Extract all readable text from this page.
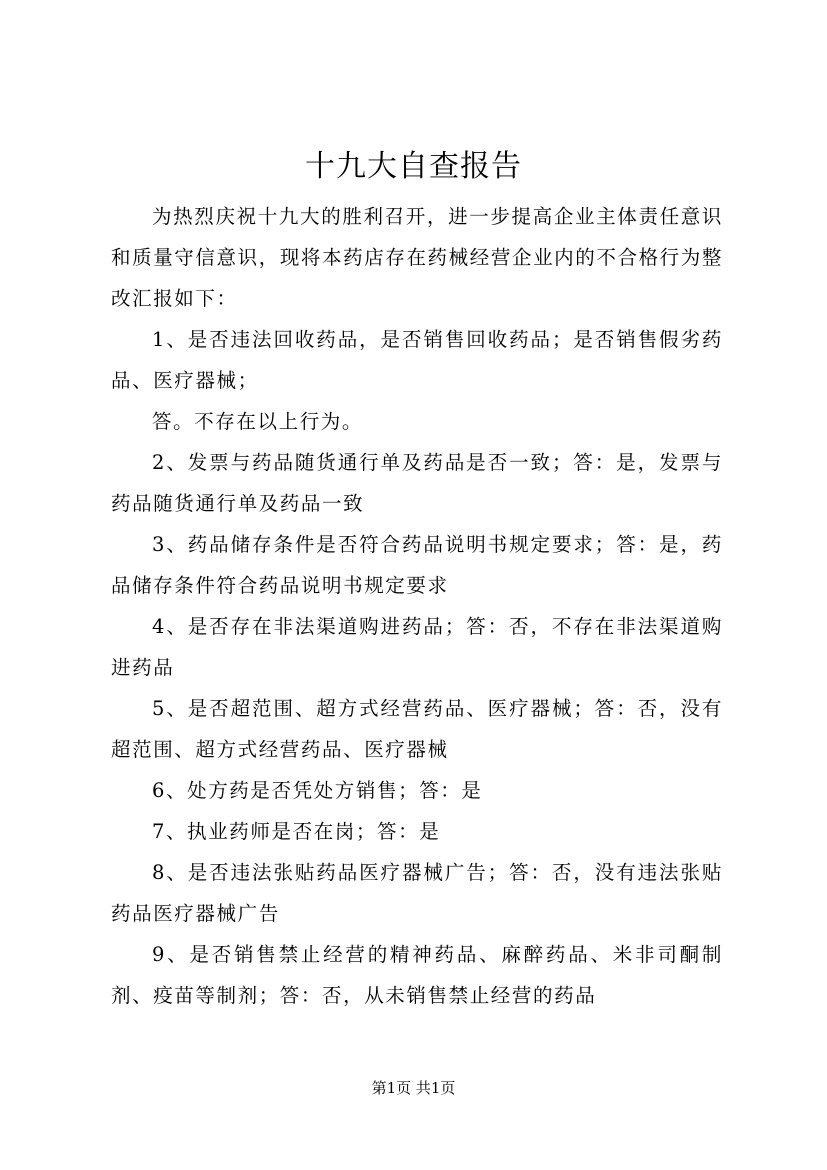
十九大自查报告

为热烈庆祝十九大的胜利召开，进一步提高企业主体责任意识和质量守信意识，现将本药店存在药械经营企业内的不合格行为整改汇报如下：

1、是否违法回收药品，是否销售回收药品；是否销售假劣药品、医疗器械；

答。不存在以上行为。

2、发票与药品随货通行单及药品是否一致；答：是，发票与药品随货通行单及药品一致

3、药品储存条件是否符合药品说明书规定要求；答：是，药品储存条件符合药品说明书规定要求

4、是否存在非法渠道购进药品；答：否，不存在非法渠道购进药品

5、是否超范围、超方式经营药品、医疗器械；答：否，没有超范围、超方式经营药品、医疗器械

6、处方药是否凭处方销售；答：是

7、执业药师是否在岗；答：是

8、是否违法张贴药品医疗器械广告；答：否，没有违法张贴药品医疗器械广告

9、是否销售禁止经营的精神药品、麻醉药品、米非司酮制剂、疫苗等制剂；答：否，从未销售禁止经营的药品

第1页 共1页
